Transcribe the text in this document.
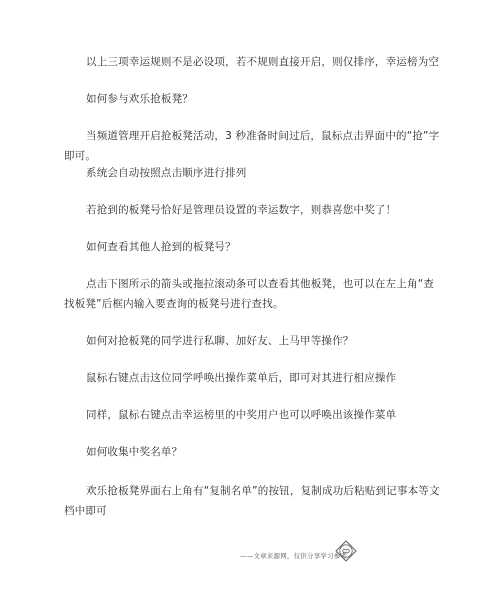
以上三项幸运规则不是必设项，若不规则直接开启，则仅排序，幸运榜为空
如何参与欢乐抢板凳？
当频道管理开启抢板凳活动，3 秒准备时间过后，鼠标点击界面中的“抢”字即可。
系统会自动按照点击顺序进行排列
若抢到的板凳号恰好是管理员设置的幸运数字，则恭喜您中奖了！
如何查看其他人抢到的板凳号？
点击下图所示的箭头或拖拉滚动条可以查看其他板凳，也可以在左上角“查找板凳”后框内输入要查询的板凳号进行查找。
如何对抢板凳的同学进行私聊、加好友、上马甲等操作？
鼠标右键点击这位同学呼唤出操作菜单后，即可对其进行相应操作
同样，鼠标右键点击幸运榜里的中奖用户也可以呼唤出该操作菜单
如何收集中奖名单？
欢乐抢板凳界面右上角有“复制名单”的按钮，复制成功后粘贴到记事本等文档中即可
——文章来源网，仅供分享学习参考
